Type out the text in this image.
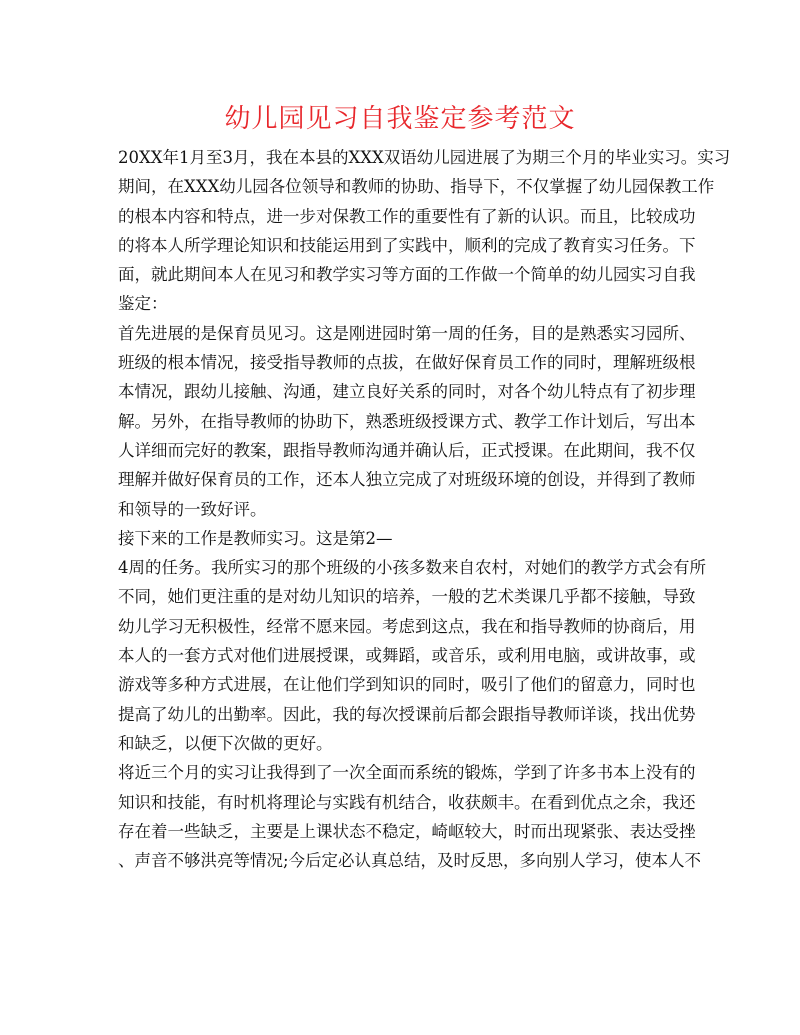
幼儿园见习自我鉴定参考范文
20XX年1月至3月，我在本县的XXX双语幼儿园进展了为期三个月的毕业实习。实习
期间，在XXX幼儿园各位领导和教师的协助、指导下，不仅掌握了幼儿园保教工作
的根本内容和特点，进一步对保教工作的重要性有了新的认识。而且，比较成功
的将本人所学理论知识和技能运用到了实践中，顺利的完成了教育实习任务。下
面，就此期间本人在见习和教学实习等方面的工作做一个简单的幼儿园实习自我
鉴定：
首先进展的是保育员见习。这是刚进园时第一周的任务，目的是熟悉实习园所、
班级的根本情况，接受指导教师的点拔，在做好保育员工作的同时，理解班级根
本情况，跟幼儿接触、沟通，建立良好关系的同时，对各个幼儿特点有了初步理
解。另外，在指导教师的协助下，熟悉班级授课方式、教学工作计划后，写出本
人详细而完好的教案，跟指导教师沟通并确认后，正式授课。在此期间，我不仅
理解并做好保育员的工作，还本人独立完成了对班级环境的创设，并得到了教师
和领导的一致好评。
接下来的工作是教师实习。这是第2—
4周的任务。我所实习的那个班级的小孩多数来自农村，对她们的教学方式会有所
不同，她们更注重的是对幼儿知识的培养，一般的艺术类课几乎都不接触，导致
幼儿学习无积极性，经常不愿来园。考虑到这点，我在和指导教师的协商后，用
本人的一套方式对他们进展授课，或舞蹈，或音乐，或利用电脑，或讲故事，或
游戏等多种方式进展，在让他们学到知识的同时，吸引了他们的留意力，同时也
提高了幼儿的出勤率。因此，我的每次授课前后都会跟指导教师详谈，找出优势
和缺乏，以便下次做的更好。
将近三个月的实习让我得到了一次全面而系统的锻炼，学到了许多书本上没有的
知识和技能，有时机将理论与实践有机结合，收获颇丰。在看到优点之余，我还
存在着一些缺乏，主要是上课状态不稳定，崎岖较大，时而出现紧张、表达受挫
、声音不够洪亮等情况;今后定必认真总结，及时反思，多向别人学习，使本人不
